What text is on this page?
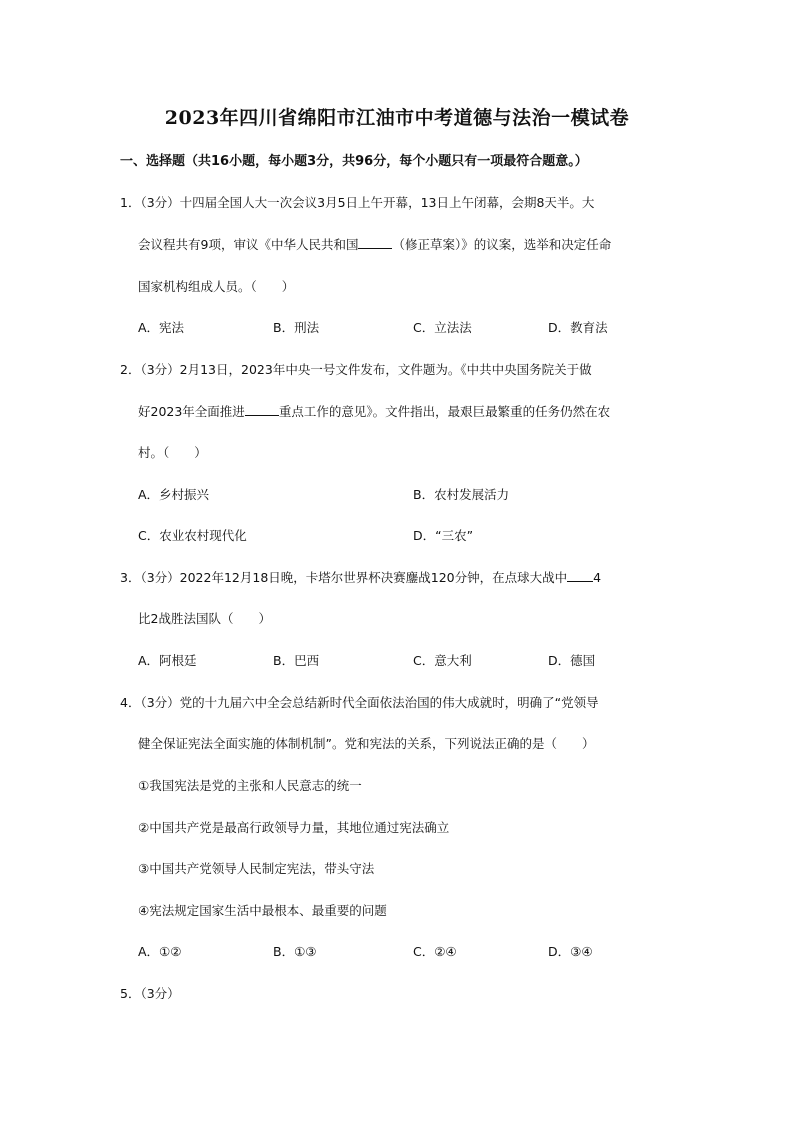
2023年四川省绵阳市江油市中考道德与法治一模试卷
一、选择题（共16小题，每小题3分，共96分，每个小题只有一项最符合题意。）
1．（3分）十四届全国人大一次会议3月5日上午开幕，13日上午闭幕，会期8天半。大
会议程共有9项，审议《中华人民共和国	（修正草案）》的议案，选举和决定任命
国家机构组成人员。（　　）
A．宪法	B．刑法	C．立法法	D．教育法
2．（3分）2月13日，2023年中央一号文件发布，文件题为。《中共中央国务院关于做
好2023年全面推进	重点工作的意见》。文件指出，最艰巨最繁重的任务仍然在农
村。（　　）
A．乡村振兴	B．农村发展活力
C．农业农村现代化	D．“三农”
3．（3分）2022年12月18日晚，卡塔尔世界杯决赛鏖战120分钟，在点球大战中 4
比2战胜法国队（　　）
A．阿根廷	B．巴西	C．意大利	D．德国
4．（3分）党的十九届六中全会总结新时代全面依法治国的伟大成就时，明确了“党领导
健全保证宪法全面实施的体制机制”。党和宪法的关系，下列说法正确的是（　　）
①我国宪法是党的主张和人民意志的统一
②中国共产党是最高行政领导力量，其地位通过宪法确立
③中国共产党领导人民制定宪法，带头守法
④宪法规定国家生活中最根本、最重要的问题
A．①②	B．①③	C．②④	D．③④
5．（3分）
